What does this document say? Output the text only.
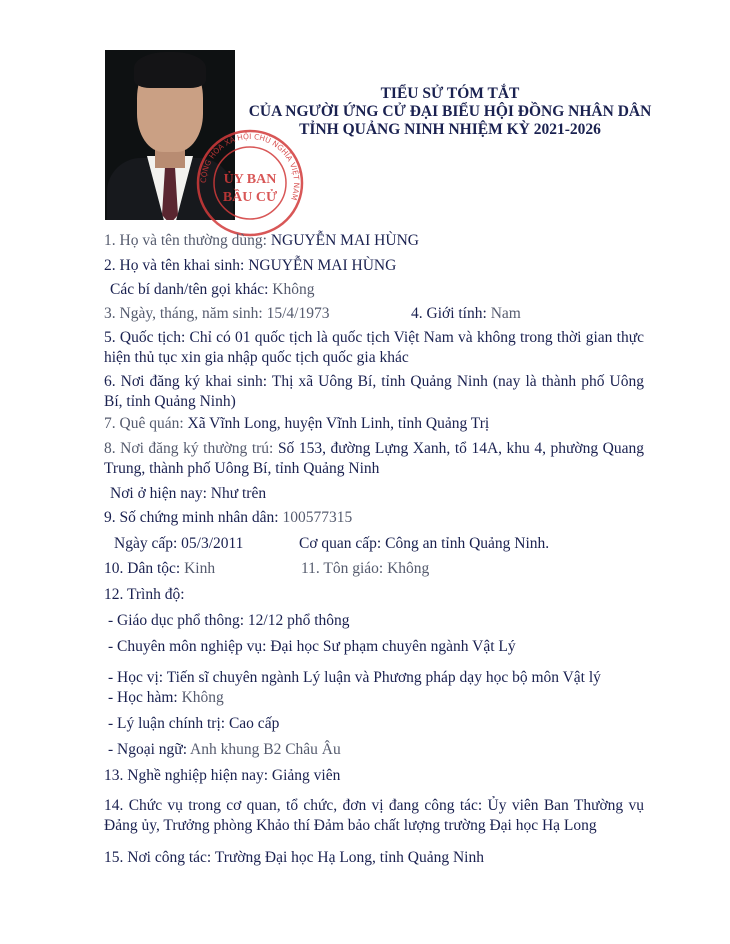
CỘNG HÒA XÃ HỘI CHỦ NGHĨA VIỆT NAM
ỦY BAN
BẦU CỬ
TIỂU SỬ TÓM TẮT
CỦA NGƯỜI ỨNG CỬ ĐẠI BIỂU HỘI ĐỒNG NHÂN DÂN
TỈNH QUẢNG NINH NHIỆM KỲ 2021-2026
1. Họ và tên thường dùng: NGUYỄN MAI HÙNG
2. Họ và tên khai sinh: NGUYỄN MAI HÙNG
Các bí danh/tên gọi khác: Không
3. Ngày, tháng, năm sinh: 15/4/1973	4. Giới tính: Nam
5. Quốc tịch: Chỉ có 01 quốc tịch là quốc tịch Việt Nam và không trong thời gian thực hiện thủ tục xin gia nhập quốc tịch quốc gia khác
6. Nơi đăng ký khai sinh: Thị xã Uông Bí, tỉnh Quảng Ninh (nay là thành phố Uông Bí, tỉnh Quảng Ninh)
7. Quê quán: Xã Vĩnh Long, huyện Vĩnh Linh, tỉnh Quảng Trị
8. Nơi đăng ký thường trú: Số 153, đường Lựng Xanh, tổ 14A, khu 4, phường Quang Trung, thành phố Uông Bí, tỉnh Quảng Ninh
Nơi ở hiện nay: Như trên
9. Số chứng minh nhân dân: 100577315
Ngày cấp: 05/3/2011	Cơ quan cấp: Công an tỉnh Quảng Ninh.
10. Dân tộc: Kinh	11. Tôn giáo: Không
12. Trình độ:
- Giáo dục phổ thông: 12/12 phổ thông
- Chuyên môn nghiệp vụ: Đại học Sư phạm chuyên ngành Vật Lý
- Học vị: Tiến sĩ chuyên ngành Lý luận và Phương pháp dạy học bộ môn Vật lý
- Học hàm: Không
- Lý luận chính trị: Cao cấp
- Ngoại ngữ: Anh khung B2 Châu Âu
13. Nghề nghiệp hiện nay: Giảng viên
14. Chức vụ trong cơ quan, tổ chức, đơn vị đang công tác: Ủy viên Ban Thường vụ Đảng ủy, Trưởng phòng Khảo thí Đảm bảo chất lượng trường Đại học Hạ Long
15. Nơi công tác: Trường Đại học Hạ Long, tỉnh Quảng Ninh
